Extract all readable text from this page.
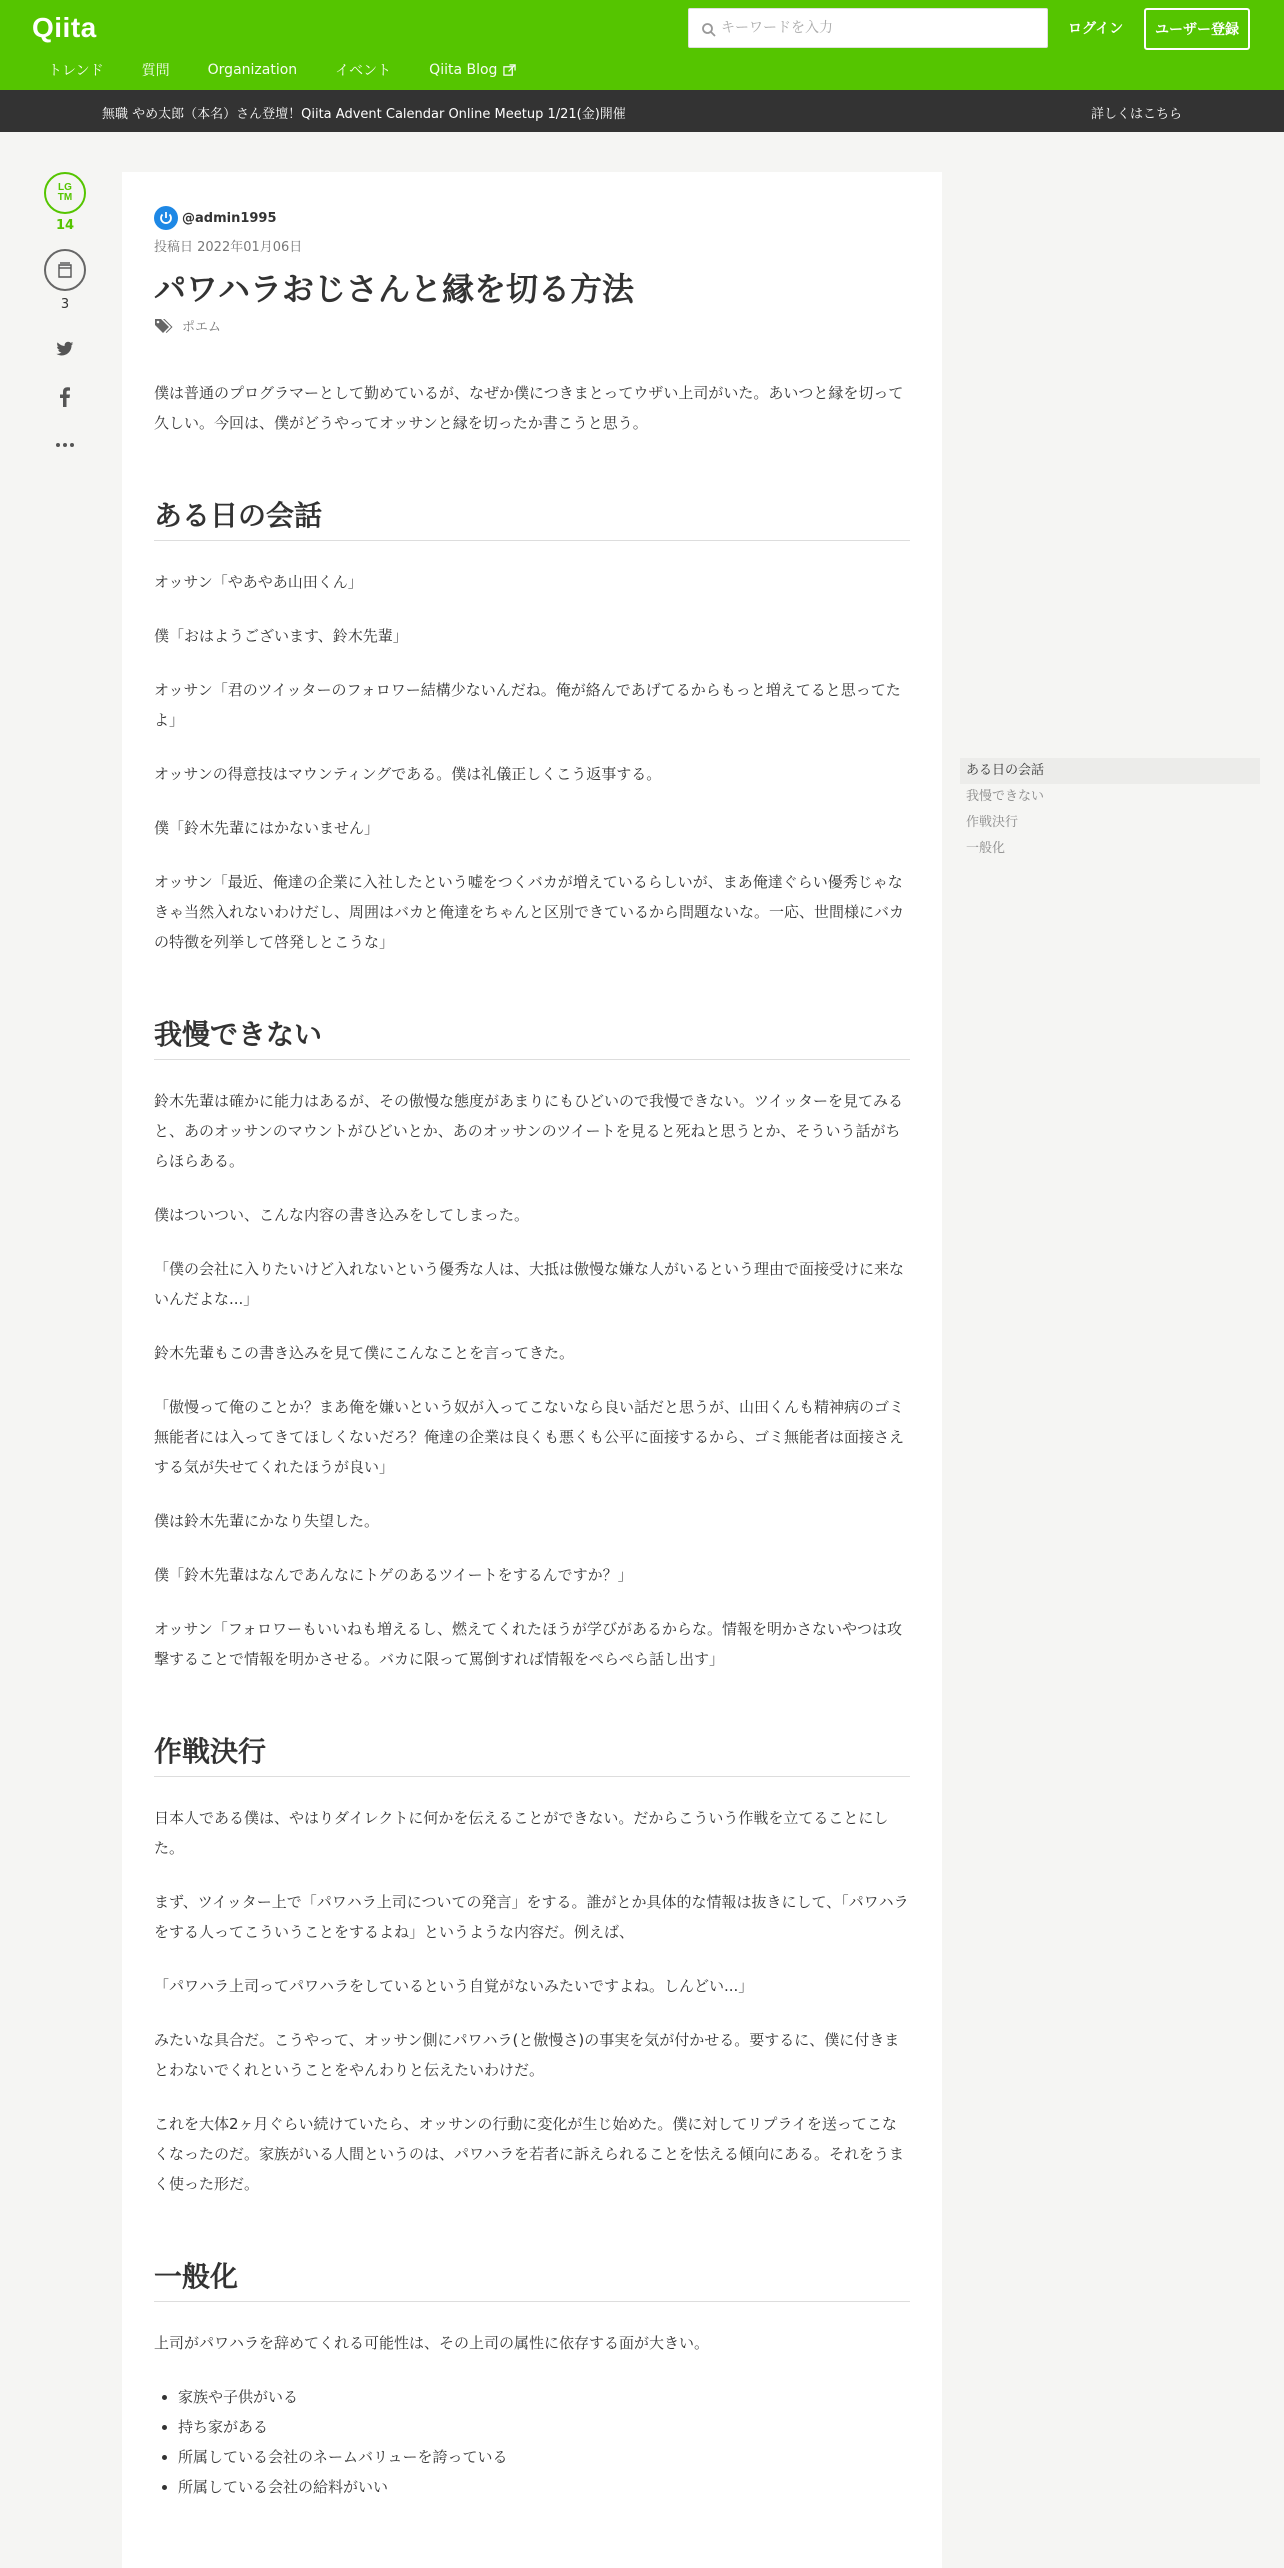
Qiita
キーワードを入力	ログイン	ユーザー登録
トレンド	質問	Organization	イベント	Qiita Blog
無職 やめ太郎（本名）さん登壇！Qiita Advent Calendar Online Meetup 1/21(金)開催	詳しくはこちら
LG
TM
14
3
@admin1995
投稿日 2022年01月06日
パワハラおじさんと縁を切る方法
ポエム

僕は普通のプログラマーとして勤めているが、なぜか僕につきまとってウザい上司がいた。あいつと縁を切って久しい。今回は、僕がどうやってオッサンと縁を切ったか書こうと思う。

ある日の会話

オッサン「やあやあ山田くん」

僕「おはようございます、鈴木先輩」

オッサン「君のツイッターのフォロワー結構少ないんだね。俺が絡んであげてるからもっと増えてると思ってたよ」

オッサンの得意技はマウンティングである。僕は礼儀正しくこう返事する。

僕「鈴木先輩にはかないません」

オッサン「最近、俺達の企業に入社したという嘘をつくバカが増えているらしいが、まあ俺達ぐらい優秀じゃなきゃ当然入れないわけだし、周囲はバカと俺達をちゃんと区別できているから問題ないな。一応、世間様にバカの特徴を列挙して啓発しとこうな」

我慢できない

鈴木先輩は確かに能力はあるが、その傲慢な態度があまりにもひどいので我慢できない。ツイッターを見てみると、あのオッサンのマウントがひどいとか、あのオッサンのツイートを見ると死ねと思うとか、そういう話がちらほらある。

僕はついつい、こんな内容の書き込みをしてしまった。

「僕の会社に入りたいけど入れないという優秀な人は、大抵は傲慢な嫌な人がいるという理由で面接受けに来ないんだよな...」

鈴木先輩もこの書き込みを見て僕にこんなことを言ってきた。

「傲慢って俺のことか？まあ俺を嫌いという奴が入ってこないなら良い話だと思うが、山田くんも精神病のゴミ無能者には入ってきてほしくないだろ？俺達の企業は良くも悪くも公平に面接するから、ゴミ無能者は面接さえする気が失せてくれたほうが良い」

僕は鈴木先輩にかなり失望した。

僕「鈴木先輩はなんであんなにトゲのあるツイートをするんですか？」

オッサン「フォロワーもいいねも増えるし、燃えてくれたほうが学びがあるからな。情報を明かさないやつは攻撃することで情報を明かさせる。バカに限って罵倒すれば情報をぺらぺら話し出す」

作戦決行

日本人である僕は、やはりダイレクトに何かを伝えることができない。だからこういう作戦を立てることにした。

まず、ツイッター上で「パワハラ上司についての発言」をする。誰がとか具体的な情報は抜きにして、「パワハラをする人ってこういうことをするよね」というような内容だ。例えば、

「パワハラ上司ってパワハラをしているという自覚がないみたいですよね。しんどい...」

みたいな具合だ。こうやって、オッサン側にパワハラ(と傲慢さ)の事実を気が付かせる。要するに、僕に付きまとわないでくれということをやんわりと伝えたいわけだ。

これを大体2ヶ月ぐらい続けていたら、オッサンの行動に変化が生じ始めた。僕に対してリプライを送ってこなくなったのだ。家族がいる人間というのは、パワハラを若者に訴えられることを怯える傾向にある。それをうまく使った形だ。

一般化

上司がパワハラを辞めてくれる可能性は、その上司の属性に依存する面が大きい。

• 家族や子供がいる
• 持ち家がある
• 所属している会社のネームバリューを誇っている
• 所属している会社の給料がいい
ある日の会話
我慢できない
作戦決行
一般化
